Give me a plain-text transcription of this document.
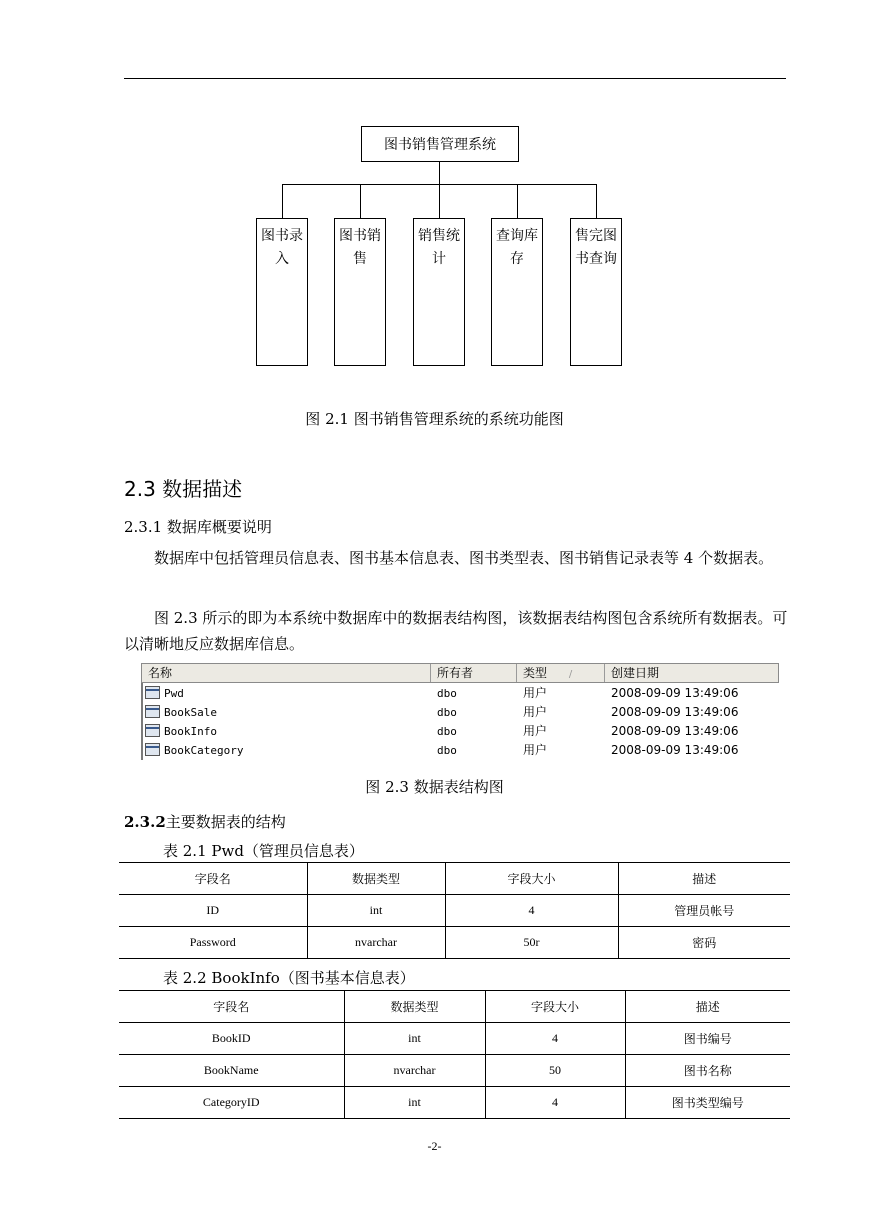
图书销售管理系统
图书录入
图书销售
销售统计
查询库存
售完图书查询
图 2.1 图书销售管理系统的系统功能图
2.3 数据描述
2.3.1 数据库概要说明
数据库中包括管理员信息表、图书基本信息表、图书类型表、图书销售记录表等 4 个数据表。
图 2.3 所示的即为本系统中数据库中的数据表结构图，该数据表结构图包含系统所有数据表。可以清晰地反应数据库信息。
名称	所有者	类型 /	创建日期
Pwd	dbo	用户	2008-09-09 13:49:06
BookSale	dbo	用户	2008-09-09 13:49:06
BookInfo	dbo	用户	2008-09-09 13:49:06
BookCategory	dbo	用户	2008-09-09 13:49:06
图 2.3 数据表结构图
2.3.2主要数据表的结构
表 2.1 Pwd（管理员信息表）
字段名	数据类型	字段大小	描述
ID	int	4	管理员帐号
Password	nvarchar	50r	密码
表 2.2 BookInfo（图书基本信息表）
字段名	数据类型	字段大小	描述
BookID	int	4	图书编号
BookName	nvarchar	50	图书名称
CategoryID	int	4	图书类型编号
-2-
